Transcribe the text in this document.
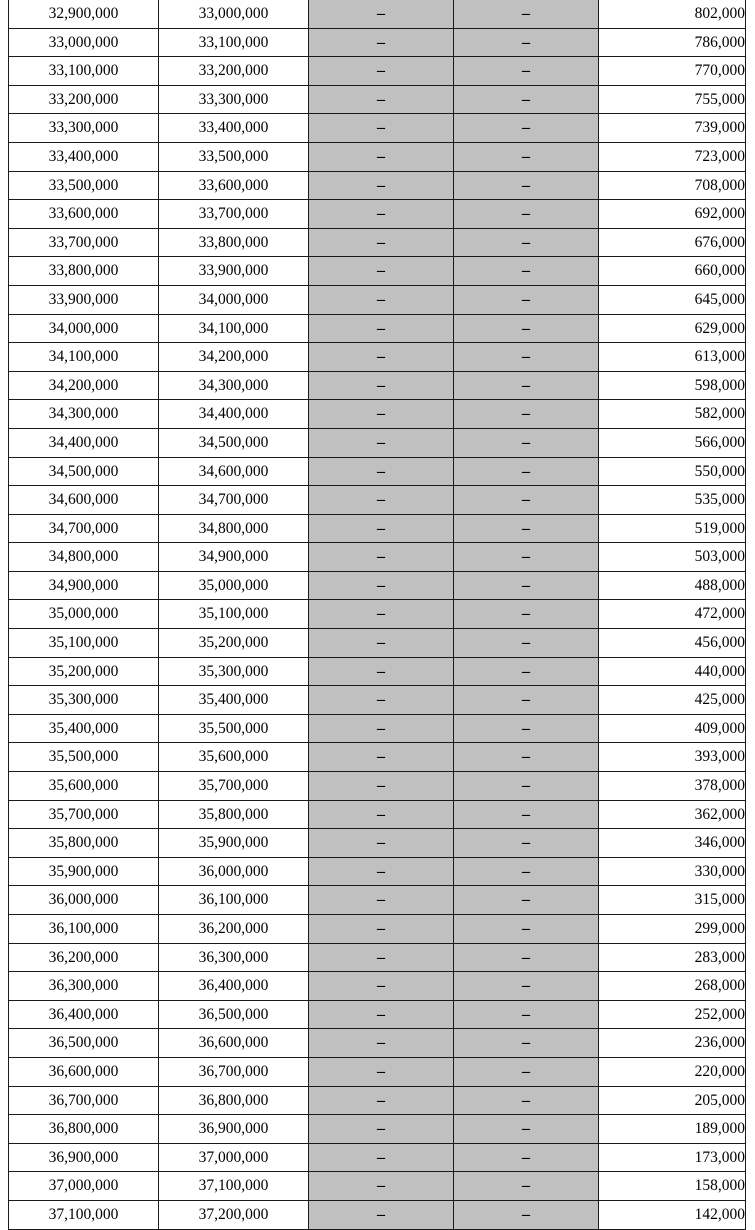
32,900,000	33,000,000	–	–	802,000
33,000,000	33,100,000	–	–	786,000
33,100,000	33,200,000	–	–	770,000
33,200,000	33,300,000	–	–	755,000
33,300,000	33,400,000	–	–	739,000
33,400,000	33,500,000	–	–	723,000
33,500,000	33,600,000	–	–	708,000
33,600,000	33,700,000	–	–	692,000
33,700,000	33,800,000	–	–	676,000
33,800,000	33,900,000	–	–	660,000
33,900,000	34,000,000	–	–	645,000
34,000,000	34,100,000	–	–	629,000
34,100,000	34,200,000	–	–	613,000
34,200,000	34,300,000	–	–	598,000
34,300,000	34,400,000	–	–	582,000
34,400,000	34,500,000	–	–	566,000
34,500,000	34,600,000	–	–	550,000
34,600,000	34,700,000	–	–	535,000
34,700,000	34,800,000	–	–	519,000
34,800,000	34,900,000	–	–	503,000
34,900,000	35,000,000	–	–	488,000
35,000,000	35,100,000	–	–	472,000
35,100,000	35,200,000	–	–	456,000
35,200,000	35,300,000	–	–	440,000
35,300,000	35,400,000	–	–	425,000
35,400,000	35,500,000	–	–	409,000
35,500,000	35,600,000	–	–	393,000
35,600,000	35,700,000	–	–	378,000
35,700,000	35,800,000	–	–	362,000
35,800,000	35,900,000	–	–	346,000
35,900,000	36,000,000	–	–	330,000
36,000,000	36,100,000	–	–	315,000
36,100,000	36,200,000	–	–	299,000
36,200,000	36,300,000	–	–	283,000
36,300,000	36,400,000	–	–	268,000
36,400,000	36,500,000	–	–	252,000
36,500,000	36,600,000	–	–	236,000
36,600,000	36,700,000	–	–	220,000
36,700,000	36,800,000	–	–	205,000
36,800,000	36,900,000	–	–	189,000
36,900,000	37,000,000	–	–	173,000
37,000,000	37,100,000	–	–	158,000
37,100,000	37,200,000	–	–	142,000
